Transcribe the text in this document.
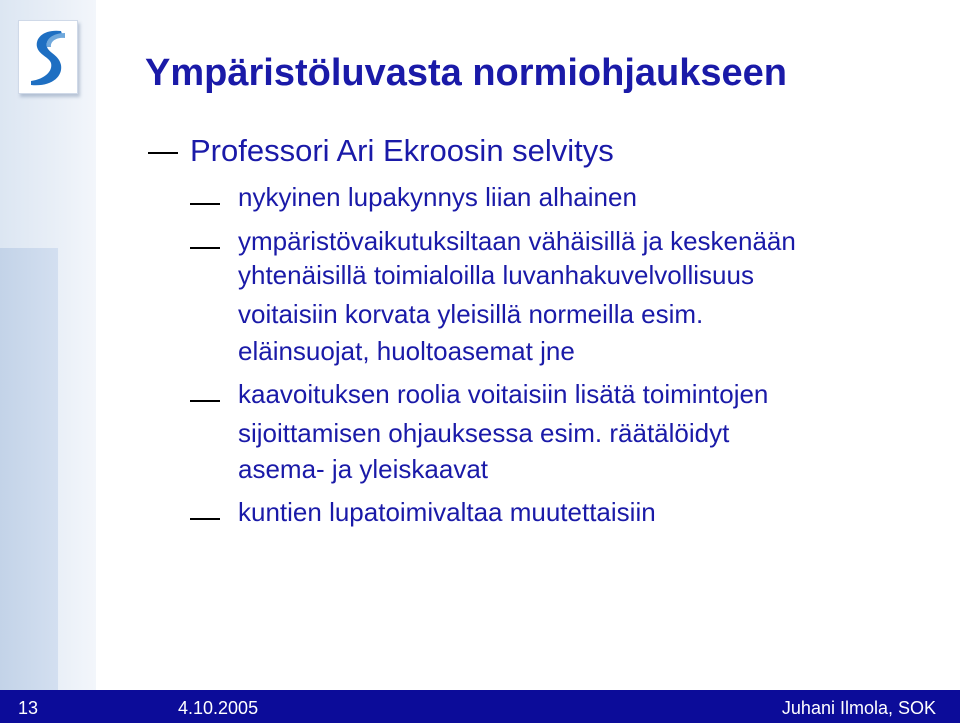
Ympäristöluvasta normiohjaukseen

Professori Ari Ekroosin selvitys

nykyinen lupakynnys liian alhainen

ympäristövaikutuksiltaan vähäisillä ja keskenään

yhtenäisillä toimialoilla luvanhakuvelvollisuus

voitaisiin korvata yleisillä normeilla esim.

eläinsuojat, huoltoasemat jne

kaavoituksen roolia voitaisiin lisätä toimintojen

sijoittamisen ohjauksessa esim. räätälöidyt

asema- ja yleiskaavat

kuntien lupatoimivaltaa muutettaisiin

13	4.10.2005	Juhani Ilmola, SOK
